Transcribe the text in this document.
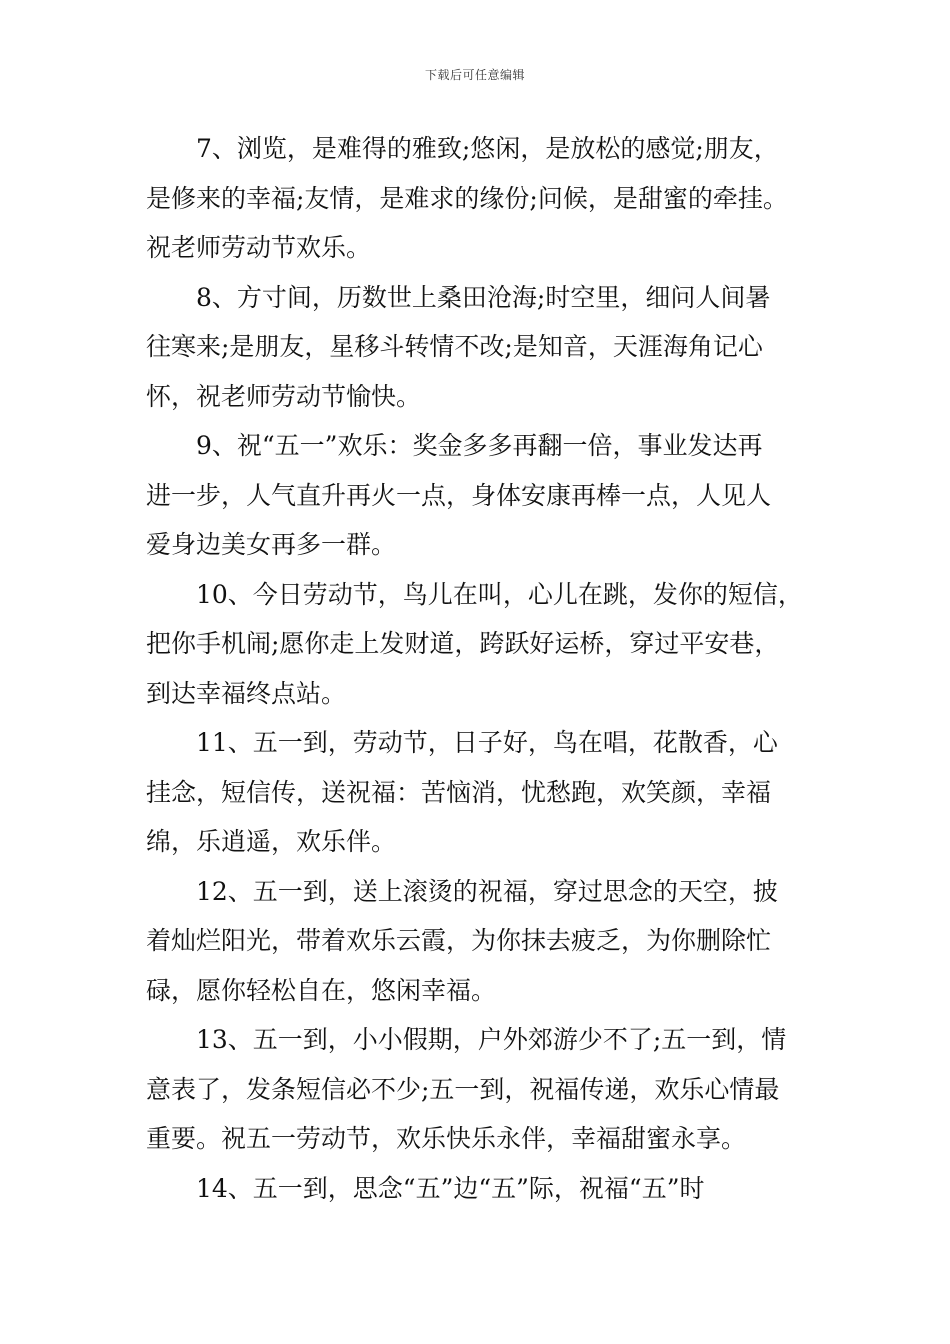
下载后可任意编辑
7、浏览，是难得的雅致;悠闲，是放松的感觉;朋友，
是修来的幸福;友情，是难求的缘份;问候，是甜蜜的牵挂。
祝老师劳动节欢乐。
8、方寸间，历数世上桑田沧海;时空里，细问人间暑
往寒来;是朋友，星移斗转情不改;是知音，天涯海角记心
怀，祝老师劳动节愉快。
9、祝“五一”欢乐：奖金多多再翻一倍，事业发达再
进一步，人气直升再火一点，身体安康再棒一点，人见人
爱身边美女再多一群。
10、今日劳动节，鸟儿在叫，心儿在跳，发你的短信，
把你手机闹;愿你走上发财道，跨跃好运桥，穿过平安巷，
到达幸福终点站。
11、五一到，劳动节，日子好，鸟在唱，花散香，心
挂念，短信传，送祝福：苦恼消，忧愁跑，欢笑颜，幸福
绵，乐逍遥，欢乐伴。
12、五一到，送上滚烫的祝福，穿过思念的天空，披
着灿烂阳光，带着欢乐云霞，为你抹去疲乏，为你删除忙
碌，愿你轻松自在，悠闲幸福。
13、五一到，小小假期，户外郊游少不了;五一到，情
意表了，发条短信必不少;五一到，祝福传递，欢乐心情最
重要。祝五一劳动节，欢乐快乐永伴，幸福甜蜜永享。
14、五一到，思念“五”边“五”际，祝福“五”时
